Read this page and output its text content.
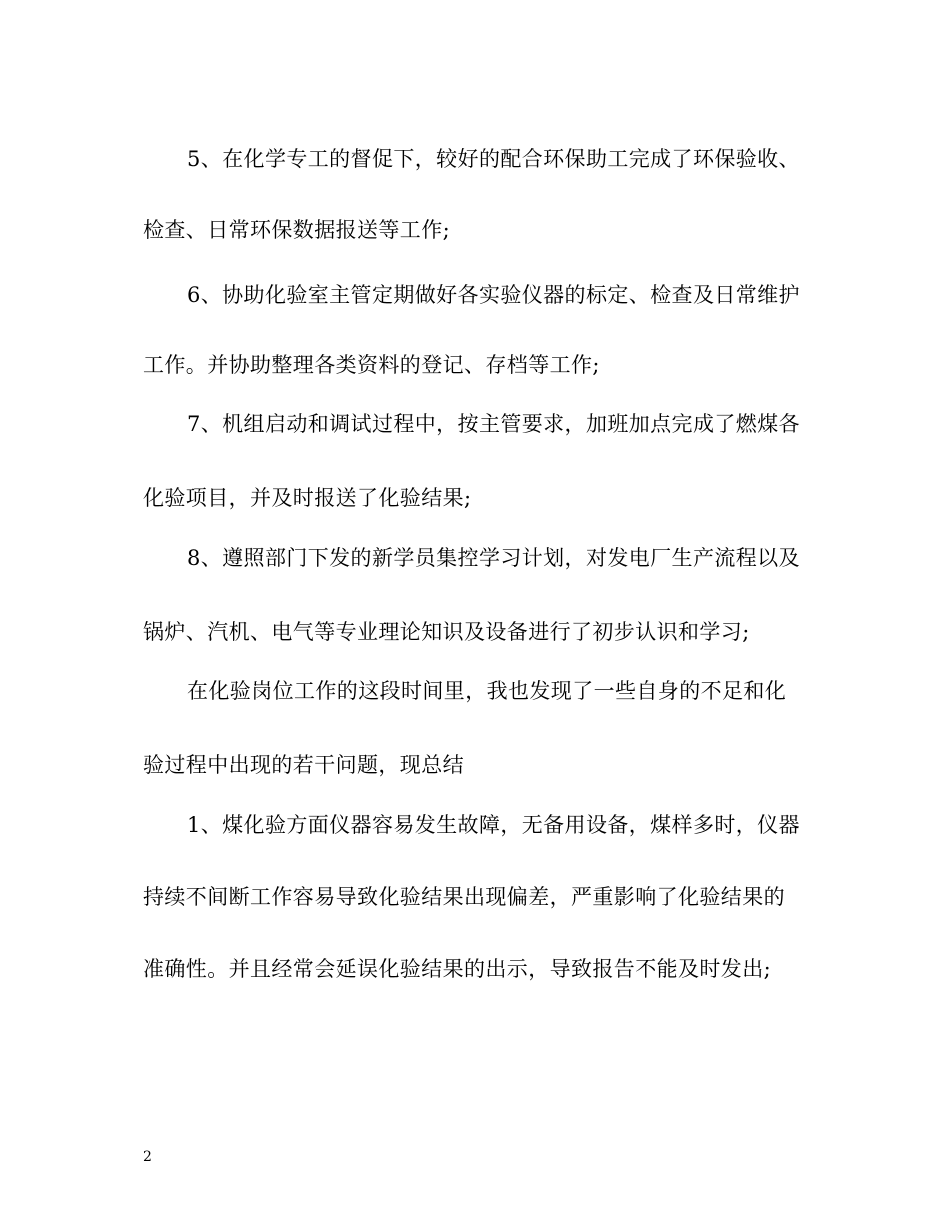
5、在化学专工的督促下，较好的配合环保助工完成了环保验收、
检查、日常环保数据报送等工作;
6、协助化验室主管定期做好各实验仪器的标定、检查及日常维护
工作。并协助整理各类资料的登记、存档等工作;
7、机组启动和调试过程中，按主管要求，加班加点完成了燃煤各
化验项目，并及时报送了化验结果;
8、遵照部门下发的新学员集控学习计划，对发电厂生产流程以及
锅炉、汽机、电气等专业理论知识及设备进行了初步认识和学习;
在化验岗位工作的这段时间里，我也发现了一些自身的不足和化
验过程中出现的若干问题，现总结
1、煤化验方面仪器容易发生故障，无备用设备，煤样多时，仪器
持续不间断工作容易导致化验结果出现偏差，严重影响了化验结果的
准确性。并且经常会延误化验结果的出示，导致报告不能及时发出;
2
